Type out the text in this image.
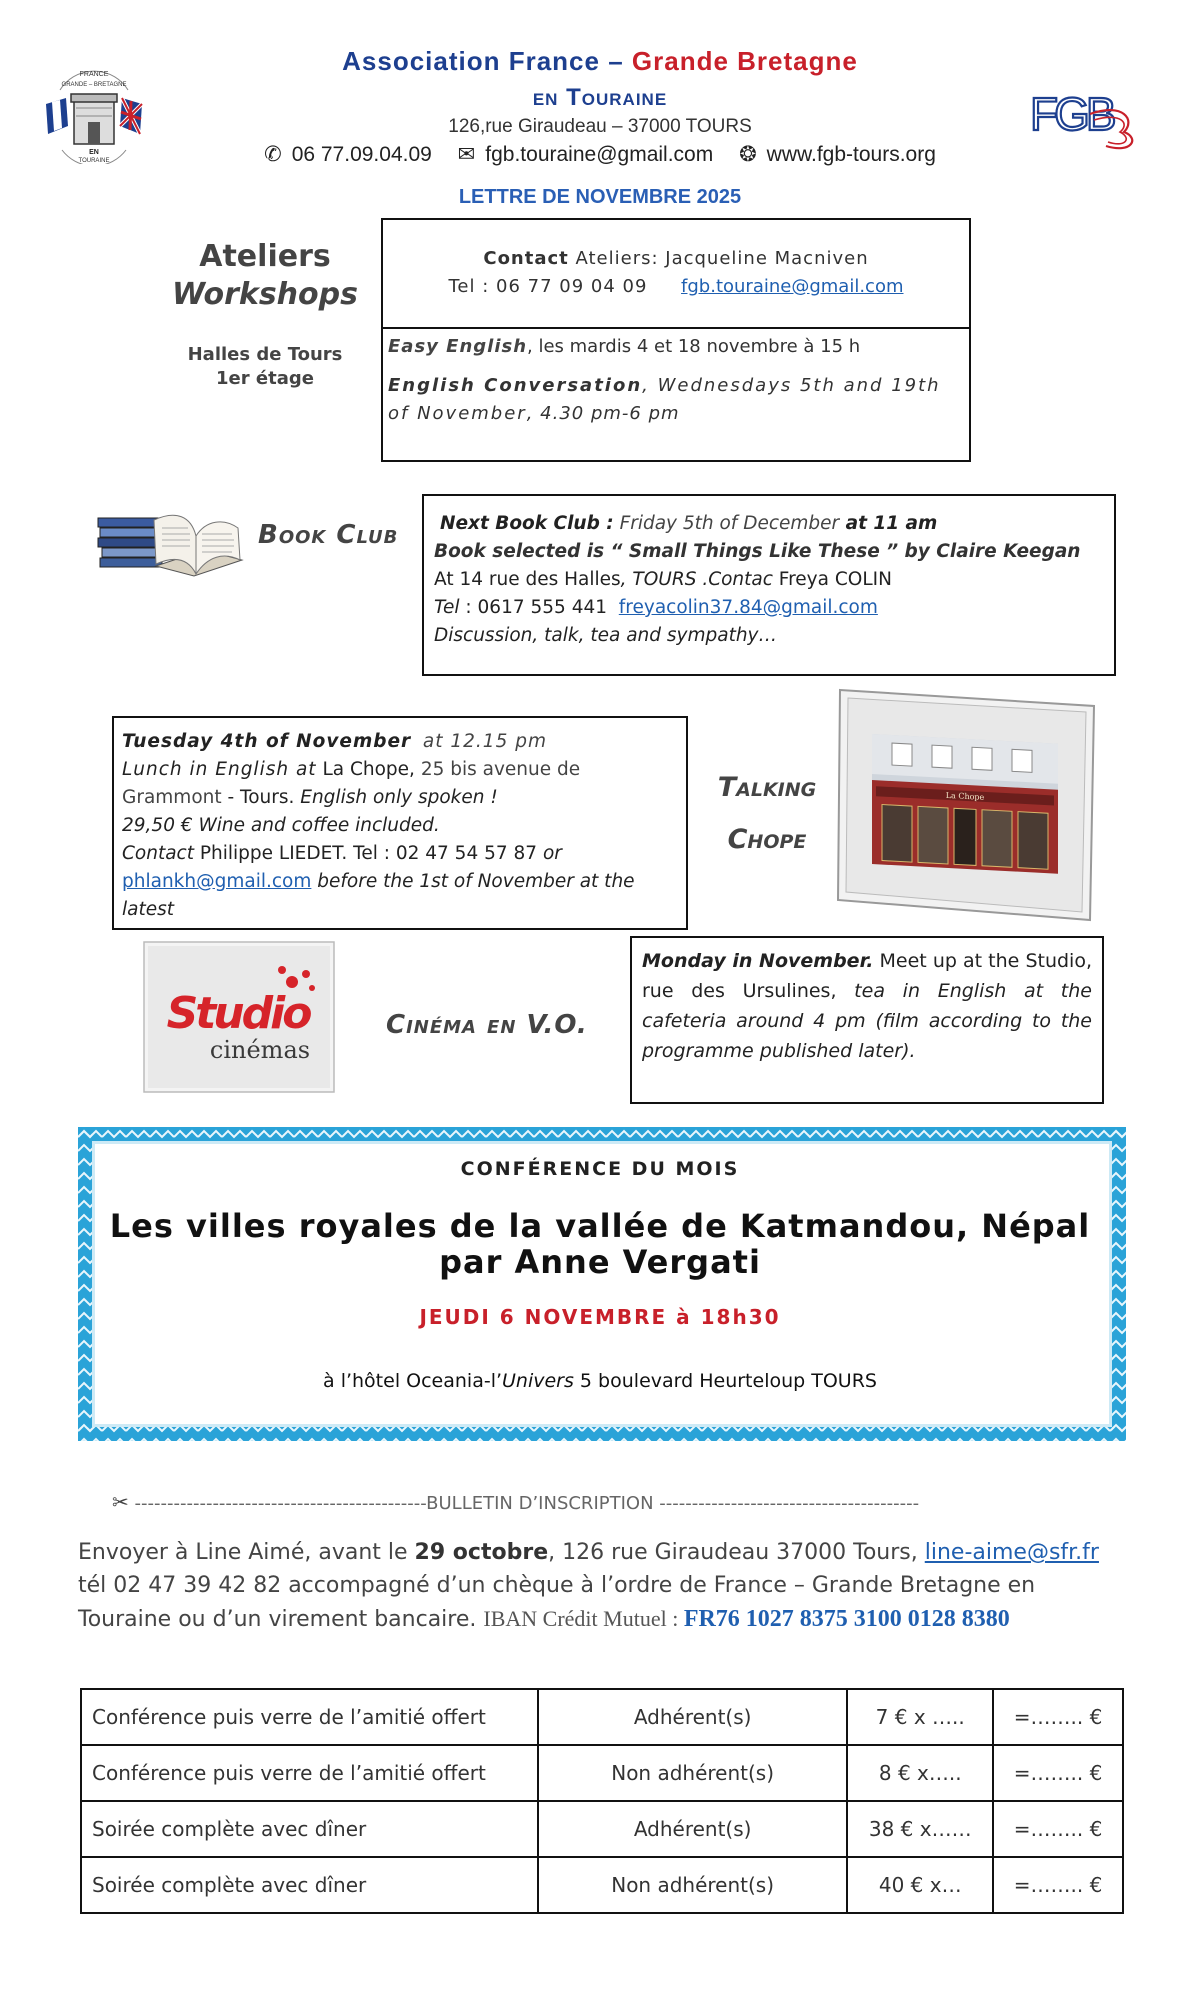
FRANCE
GRANDE – BRETAGNE
EN
TOURAINE
FGB
Association France – Grande Bretagne
en Touraine
126,rue Giraudeau – 37000 TOURS
✆ 06 77.09.04.09 ✉ fgb.touraine@gmail.com ❂ www.fgb-tours.org
LETTRE DE NOVEMBRE 2025
Ateliers
Workshops
Halles de Tours
1er étage
Contact Ateliers: Jacqueline Macniven
Tel : 06 77 09 04 09 fgb.touraine@gmail.com
Easy English, les mardis 4 et 18 novembre à 15 h
English Conversation, Wednesdays 5th and 19th of November, 4.30 pm-6 pm
Book Club	Next Book Club : Friday 5th of December at 11 am
Book selected is “ Small Things Like These ” by Claire Keegan
At 14 rue des Halles, TOURS .Contac Freya COLIN
Tel : 0617 555 441 freyacolin37.84@gmail.com
Discussion, talk, tea and sympathy…
Tuesday 4th of November at 12.15 pm
Lunch in English at La Chope, 25 bis avenue de Grammont - Tours. English only spoken !
29,50 € Wine and coffee included.
Contact Philippe LIEDET. Tel : 02 47 54 57 87 or
phlankh@gmail.com before the 1st of November at the latest
Talking
Chope
La Chope
Studio
cinémas
Cinéma en V.O.
Monday in November. Meet up at the Studio, rue des Ursulines, tea in English at the cafeteria around 4 pm (film according to the programme published later).
CONFÉRENCE DU MOIS
Les villes royales de la vallée de Katmandou, Népal
par Anne Vergati
JEUDI 6 NOVEMBRE à 18h30
à l’hôtel Oceania-l’Univers 5 boulevard Heurteloup TOURS
✂ ---------------------------------------------BULLETIN D’INSCRIPTION ----------------------------------------
Envoyer à Line Aimé, avant le 29 octobre, 126 rue Giraudeau 37000 Tours, line-aime@sfr.fr
tél 02 47 39 42 82 accompagné d’un chèque à l’ordre de France – Grande Bretagne en
Touraine ou d’un virement bancaire. IBAN Crédit Mutuel : FR76 1027 8375 3100 0128 8380
Conférence puis verre de l’amitié offert	Adhérent(s)	7 € x …..	=…….. €
Conférence puis verre de l’amitié offert	Non adhérent(s)	8 € x…..	=…….. €
Soirée complète avec dîner	Adhérent(s)	38 € x……	=…….. €
Soirée complète avec dîner	Non adhérent(s)	40 € x…	=…….. €
